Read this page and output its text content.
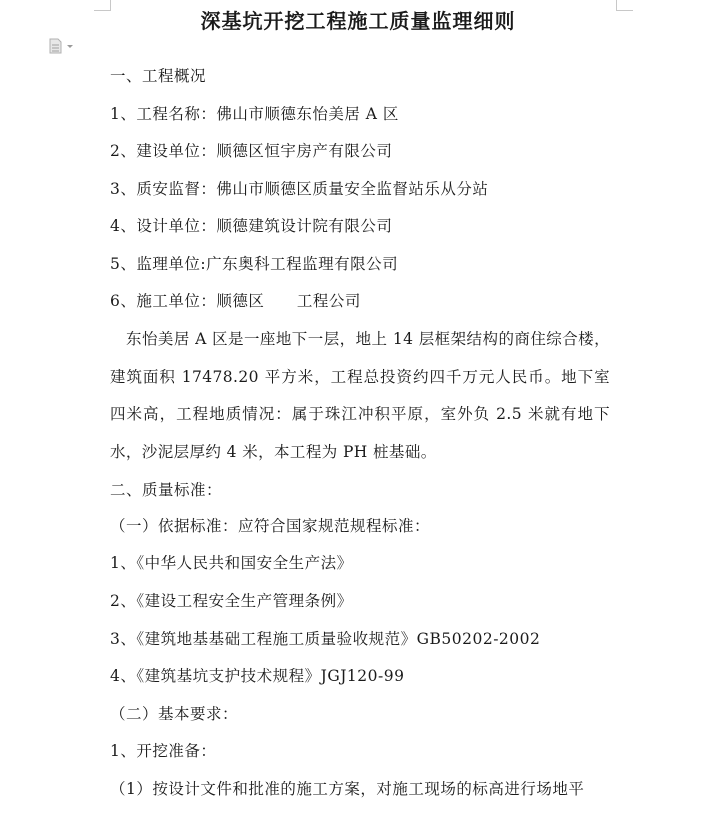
深基坑开挖工程施工质量监理细则
一、工程概况
1、工程名称：佛山市顺德东怡美居 A 区
2、建设单位：顺德区恒宇房产有限公司
3、质安监督：佛山市顺德区质量安全监督站乐从分站
4、设计单位：顺德建筑设计院有限公司
5、监理单位:广东奥科工程监理有限公司
6、施工单位：顺德区      工程公司
东怡美居 A 区是一座地下一层，地上 14 层框架结构的商住综合楼，建筑面积 17478.20 平方米，工程总投资约四千万元人民币。地下室四米高，工程地质情况：属于珠江冲积平原，室外负 2.5 米就有地下水，沙泥层厚约 4 米，本工程为 PH 桩基础。
二、质量标准：
（一）依据标准：应符合国家规范规程标准：
1、《中华人民共和国安全生产法》
2、《建设工程安全生产管理条例》
3、《建筑地基基础工程施工质量验收规范》GB50202-2002
4、《建筑基坑支护技术规程》JGJ120-99
（二）基本要求：
1、开挖准备：
（1）按设计文件和批准的施工方案，对施工现场的标高进行场地平
